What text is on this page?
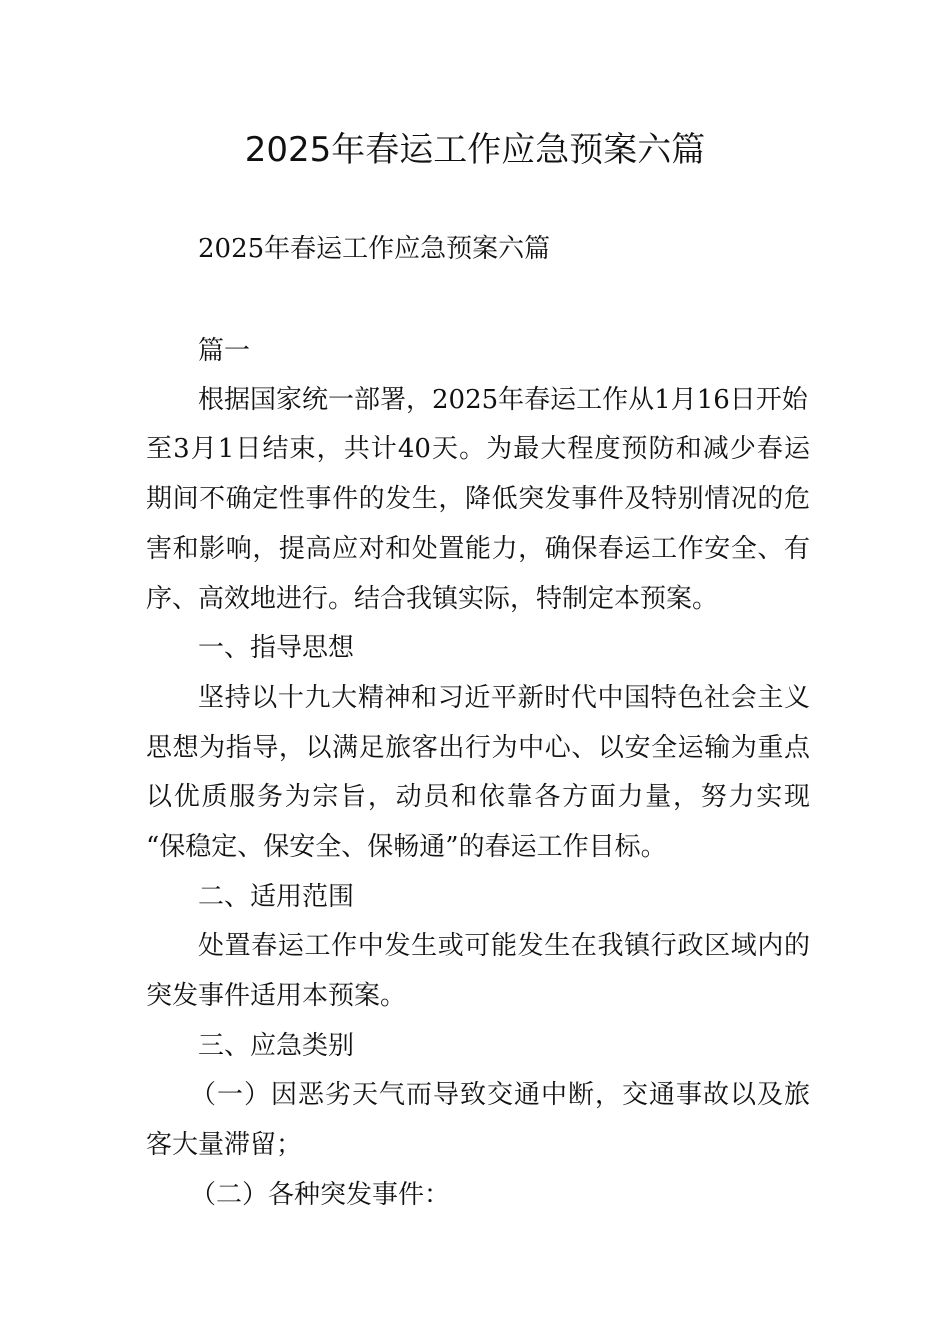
2025年春运工作应急预案六篇

2025年春运工作应急预案六篇

篇一

根据国家统一部署，2025年春运工作从1月16日开始

至3月1日结束，共计40天。为最大程度预防和减少春运

期间不确定性事件的发生，降低突发事件及特别情况的危

害和影响，提高应对和处置能力，确保春运工作安全、有

序、高效地进行。结合我镇实际，特制定本预案。

一、指导思想

坚持以十九大精神和习近平新时代中国特色社会主义

思想为指导，以满足旅客出行为中心、以安全运输为重点

以优质服务为宗旨，动员和依靠各方面力量，努力实现

“保稳定、保安全、保畅通”的春运工作目标。

二、适用范围

处置春运工作中发生或可能发生在我镇行政区域内的

突发事件适用本预案。

三、应急类别

（一）因恶劣天气而导致交通中断，交通事故以及旅

客大量滞留；

（二）各种突发事件：
